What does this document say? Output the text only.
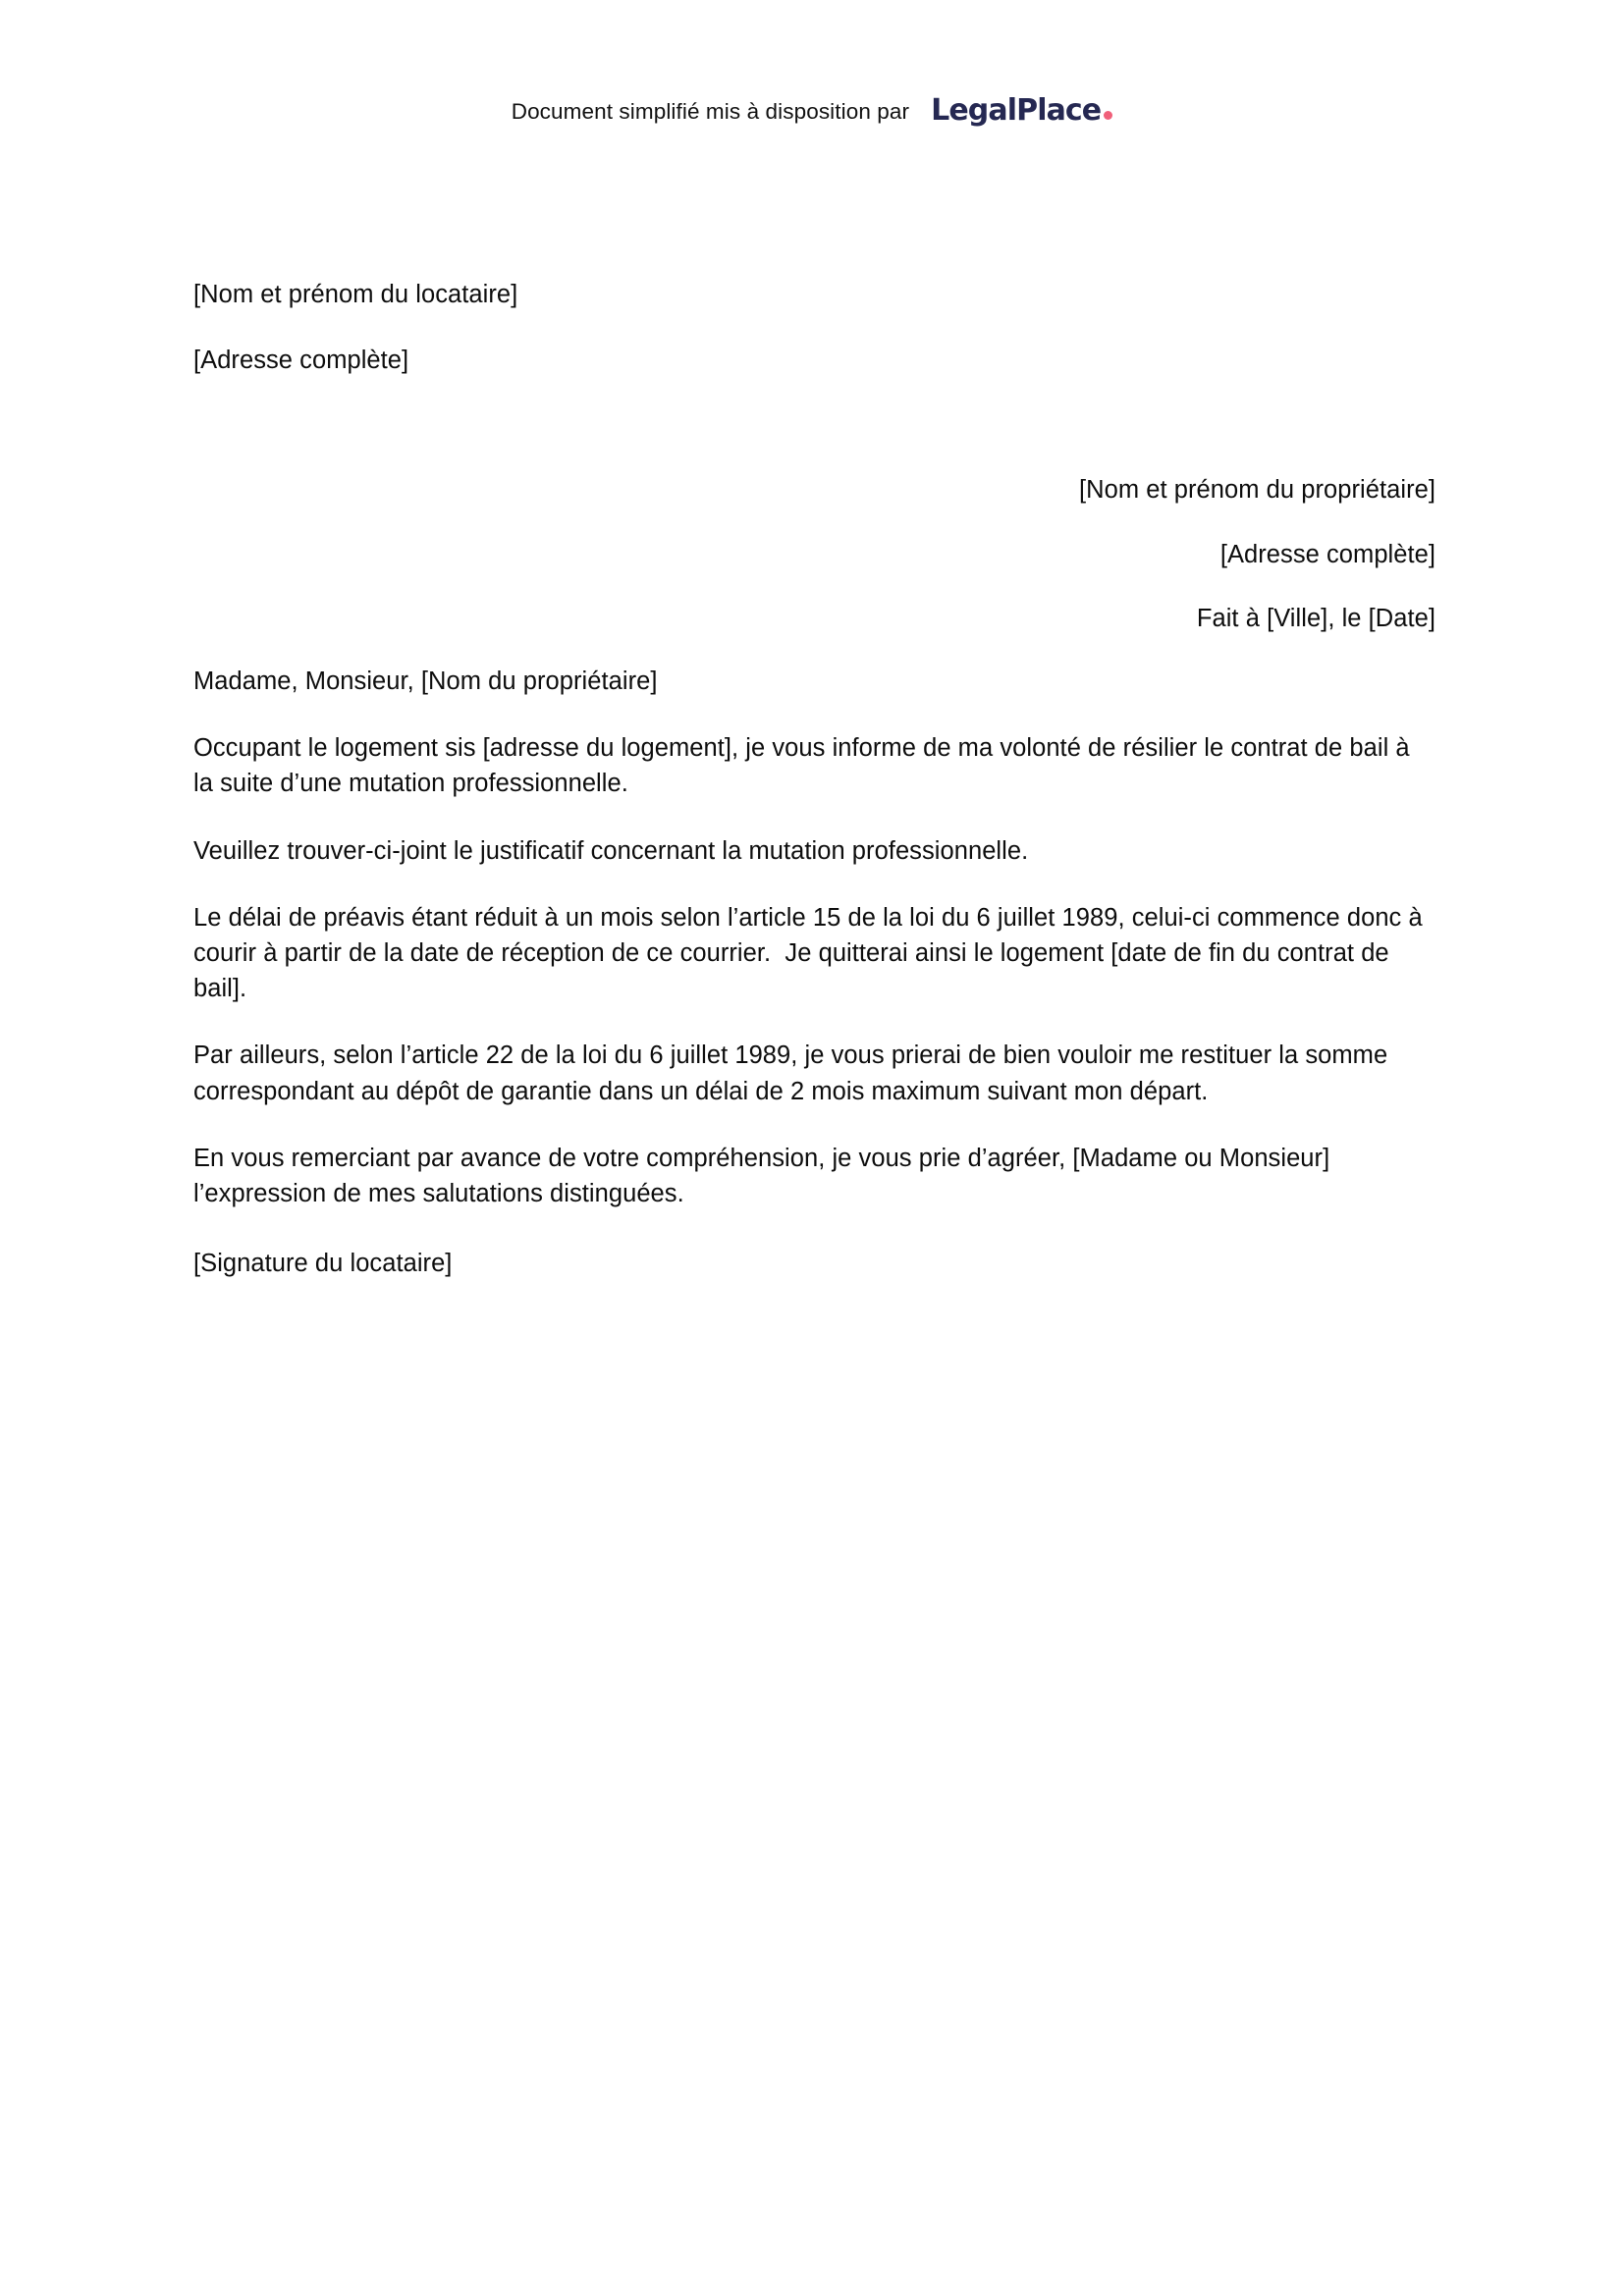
Document simplifié mis à disposition par LegalPlace

[Nom et prénom du locataire]

[Adresse complète]

[Nom et prénom du propriétaire]

[Adresse complète]

Fait à [Ville], le [Date]

Madame, Monsieur, [Nom du propriétaire]

Occupant le logement sis [adresse du logement], je vous informe de ma volonté de résilier le contrat de bail à la suite d’une mutation professionnelle.

Veuillez trouver-ci-joint le justificatif concernant la mutation professionnelle.

Le délai de préavis étant réduit à un mois selon l’article 15 de la loi du 6 juillet 1989, celui-ci commence donc à courir à partir de la date de réception de ce courrier.  Je quitterai ainsi le logement [date de fin du contrat de bail].

Par ailleurs, selon l’article 22 de la loi du 6 juillet 1989, je vous prierai de bien vouloir me restituer la somme correspondant au dépôt de garantie dans un délai de 2 mois maximum suivant mon départ.

En vous remerciant par avance de votre compréhension, je vous prie d’agréer, [Madame ou Monsieur] l’expression de mes salutations distinguées.

[Signature du locataire]
